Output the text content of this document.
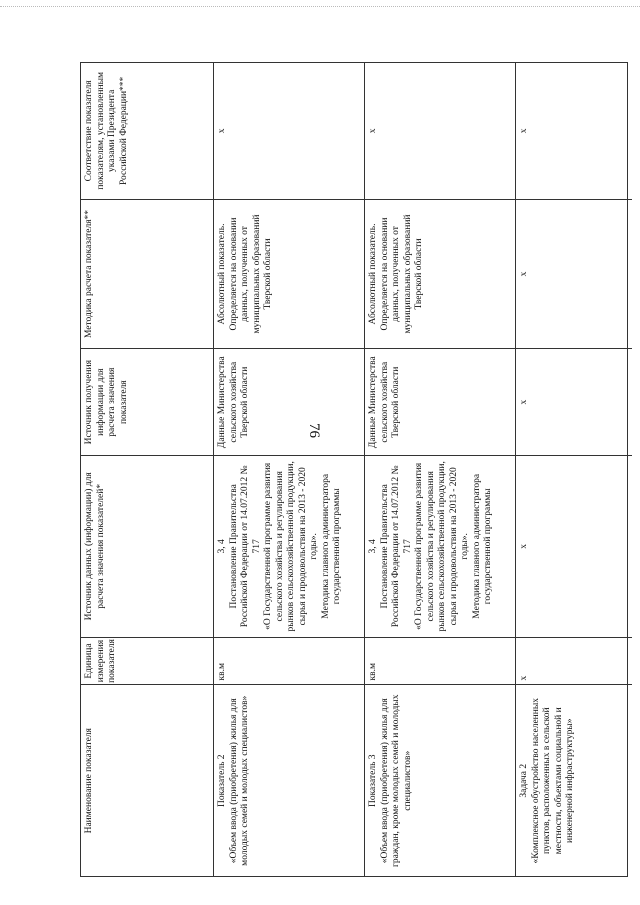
76
Наименование показателя
Единица измерения показателя
Источник данных (информации) для расчета значения показателей*
Источник получения информации для расчета значения показателя
Методика расчета показателя**
Соответствие показателя показателям, установленным указами Президента Российской Федерации***
Показатель 2 «Объем ввода (приобретения) жилья для молодых семей и молодых специалистов»
кв.м
3, 4 Постановление Правительства Российской Федерации от 14.07.2012 № 717 «О Государственной программе развития сельского хозяйства и регулирования рынков сельскохозяйственной продукции, сырья и продовольствия на 2013 - 2020 годы». Методика главного администратора государственной программы
Данные Министерства сельского хозяйства Тверской области
Абсолютный показатель. Определяется на основании данных, полученных от муниципальных образований Тверской области
х
Показатель 3 «Объем ввода (приобретения) жилья для граждан, кроме молодых семей и молодых специалистов»
кв.м
3, 4 Постановление Правительства Российской Федерации от 14.07.2012 № 717 «О Государственной программе развития сельского хозяйства и регулирования рынков сельскохозяйственной продукции, сырья и продовольствия на 2013 - 2020 годы». Методика главного администратора государственной программы
Данные Министерства сельского хозяйства Тверской области
Абсолютный показатель. Определяется на основании данных, полученных от муниципальных образований Тверской области
х
Задача 2 «Комплексное обустройство населенных пунктов, расположенных в сельской местности, объектами социальной и инженерной инфраструктуры»
х
х
х
х
х
